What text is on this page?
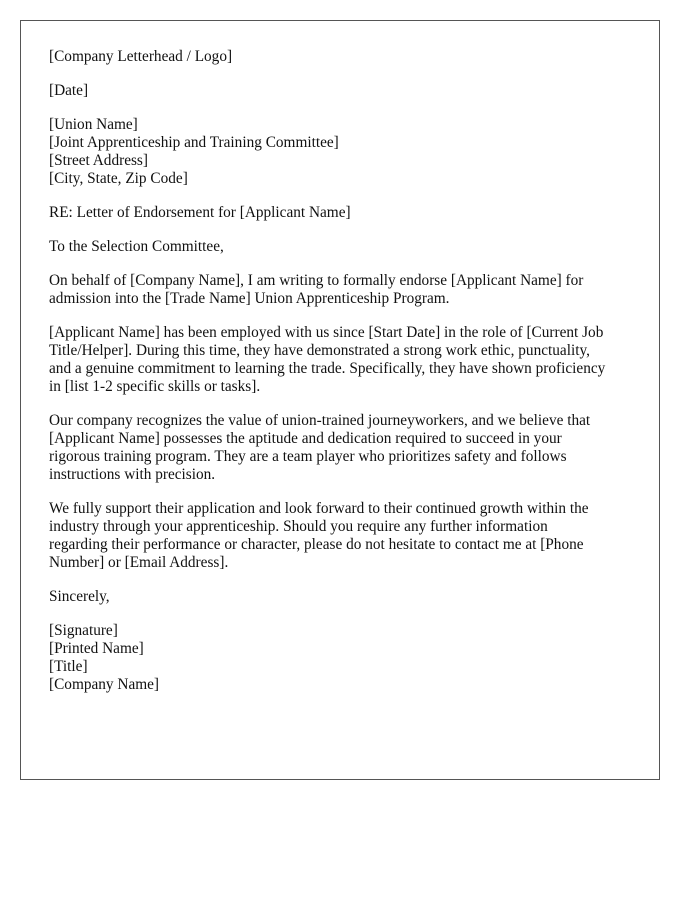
[Company Letterhead / Logo]
[Date]
[Union Name]
[Joint Apprenticeship and Training Committee]
[Street Address]
[City, State, Zip Code]
RE: Letter of Endorsement for [Applicant Name]
To the Selection Committee,
On behalf of [Company Name], I am writing to formally endorse [Applicant Name] for
admission into the [Trade Name] Union Apprenticeship Program.
[Applicant Name] has been employed with us since [Start Date] in the role of [Current Job
Title/Helper]. During this time, they have demonstrated a strong work ethic, punctuality,
and a genuine commitment to learning the trade. Specifically, they have shown proficiency
in [list 1-2 specific skills or tasks].
Our company recognizes the value of union-trained journeyworkers, and we believe that
[Applicant Name] possesses the aptitude and dedication required to succeed in your
rigorous training program. They are a team player who prioritizes safety and follows
instructions with precision.
We fully support their application and look forward to their continued growth within the
industry through your apprenticeship. Should you require any further information
regarding their performance or character, please do not hesitate to contact me at [Phone
Number] or [Email Address].
Sincerely,
[Signature]
[Printed Name]
[Title]
[Company Name]
